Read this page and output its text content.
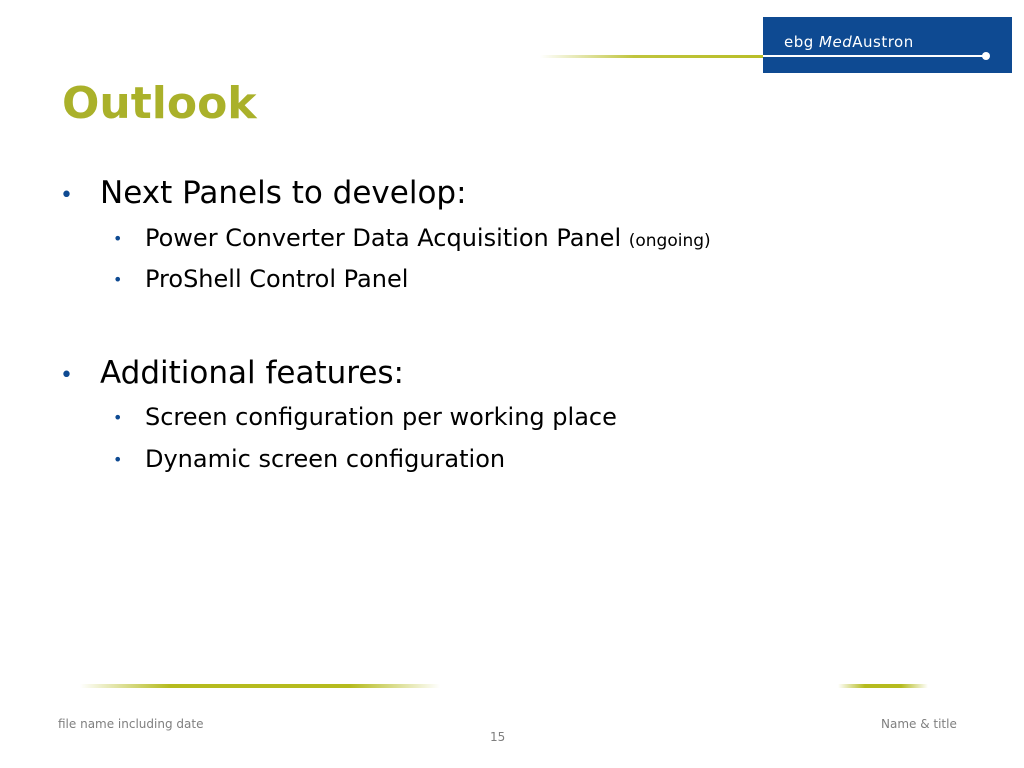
ebg MedAustron
Outlook
• Next Panels to develop:
• Power Converter Data Acquisition Panel (ongoing)
• ProShell Control Panel
• Additional features:
• Screen configuration per working place
• Dynamic screen configuration
file name including date	Name & title
15
